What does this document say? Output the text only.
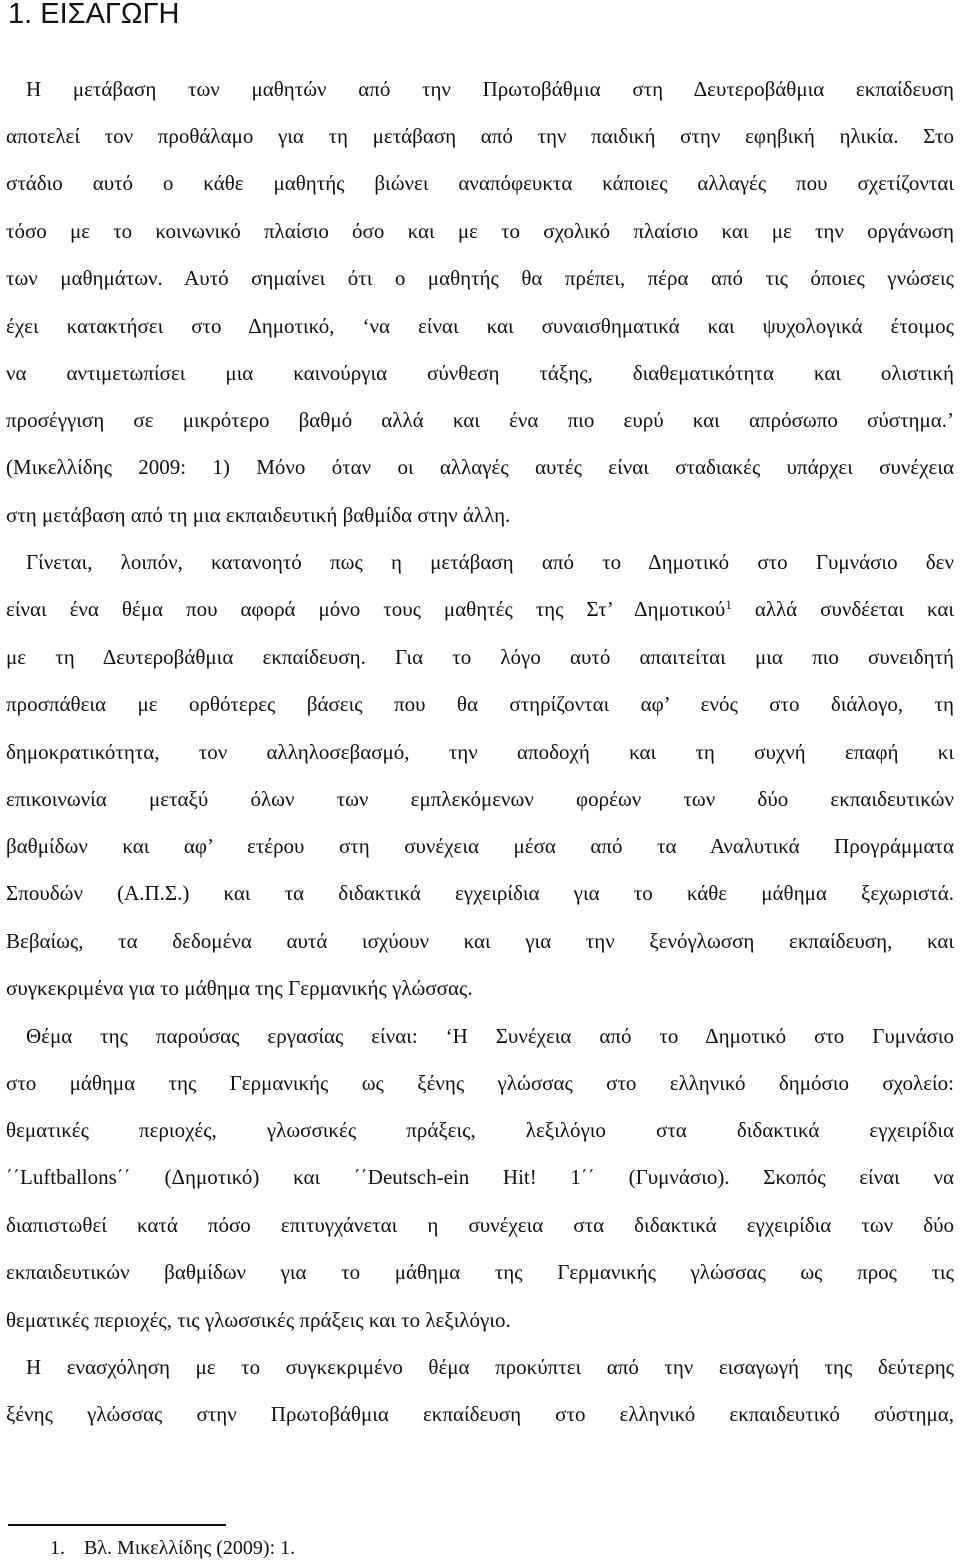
1. ΕΙΣΑΓΩΓΗ
Η μετάβαση των μαθητών από την Πρωτοβάθμια στη Δευτεροβάθμια εκπαίδευση
αποτελεί τον προθάλαμο για τη μετάβαση από την παιδική στην εφηβική ηλικία. Στο
στάδιο αυτό ο κάθε μαθητής βιώνει αναπόφευκτα κάποιες αλλαγές που σχετίζονται
τόσο με το κοινωνικό πλαίσιο όσο και με το σχολικό πλαίσιο και με την οργάνωση
των μαθημάτων. Αυτό σημαίνει ότι ο μαθητής θα πρέπει, πέρα από τις όποιες γνώσεις
έχει κατακτήσει στο Δημοτικό, ‘να είναι και συναισθηματικά και ψυχολογικά έτοιμος
να αντιμετωπίσει μια καινούργια σύνθεση τάξης, διαθεματικότητα και ολιστική
προσέγγιση σε μικρότερο βαθμό αλλά και ένα πιο ευρύ και απρόσωπο σύστημα.’
(Μικελλίδης 2009: 1) Μόνο όταν οι αλλαγές αυτές είναι σταδιακές υπάρχει συνέχεια
στη μετάβαση από τη μια εκπαιδευτική βαθμίδα στην άλλη.
Γίνεται, λοιπόν, κατανοητό πως η μετάβαση από το Δημοτικό στο Γυμνάσιο δεν
είναι ένα θέμα που αφορά μόνο τους μαθητές της Στ’ Δημοτικού$^1$ αλλά συνδέεται και
με τη Δευτεροβάθμια εκπαίδευση. Για το λόγο αυτό απαιτείται μια πιο συνειδητή
προσπάθεια με ορθότερες βάσεις που θα στηρίζονται αφ’ ενός στο διάλογο, τη
δημοκρατικότητα, τον αλληλοσεβασμό, την αποδοχή και τη συχνή επαφή κι
επικοινωνία μεταξύ όλων των εμπλεκόμενων φορέων των δύο εκπαιδευτικών
βαθμίδων και αφ’ ετέρου στη συνέχεια μέσα από τα Αναλυτικά Προγράμματα
Σπουδών (Α.Π.Σ.) και τα διδακτικά εγχειρίδια για το κάθε μάθημα ξεχωριστά.
Βεβαίως, τα δεδομένα αυτά ισχύουν και για την ξενόγλωσση εκπαίδευση, και
συγκεκριμένα για το μάθημα της Γερμανικής γλώσσας.
Θέμα της παρούσας εργασίας είναι: ‘Η Συνέχεια από το Δημοτικό στο Γυμνάσιο
στο μάθημα της Γερμανικής ως ξένης γλώσσας στο ελληνικό δημόσιο σχολείο:
θεματικές περιοχές, γλωσσικές πράξεις, λεξιλόγιο στα διδακτικά εγχειρίδια
΄΄Luftballons΄΄ (Δημοτικό) και ΄΄Deutsch-ein Hit! 1΄΄ (Γυμνάσιο). Σκοπός είναι να
διαπιστωθεί κατά πόσο επιτυγχάνεται η συνέχεια στα διδακτικά εγχειρίδια των δύο
εκπαιδευτικών βαθμίδων για το μάθημα της Γερμανικής γλώσσας ως προς τις
θεματικές περιοχές, τις γλωσσικές πράξεις και το λεξιλόγιο.
Η ενασχόληση με το συγκεκριμένο θέμα προκύπτει από την εισαγωγή της δεύτερης
ξένης γλώσσας στην Πρωτοβάθμια εκπαίδευση στο ελληνικό εκπαιδευτικό σύστημα,
1. Βλ. Μικελλίδης (2009): 1.
